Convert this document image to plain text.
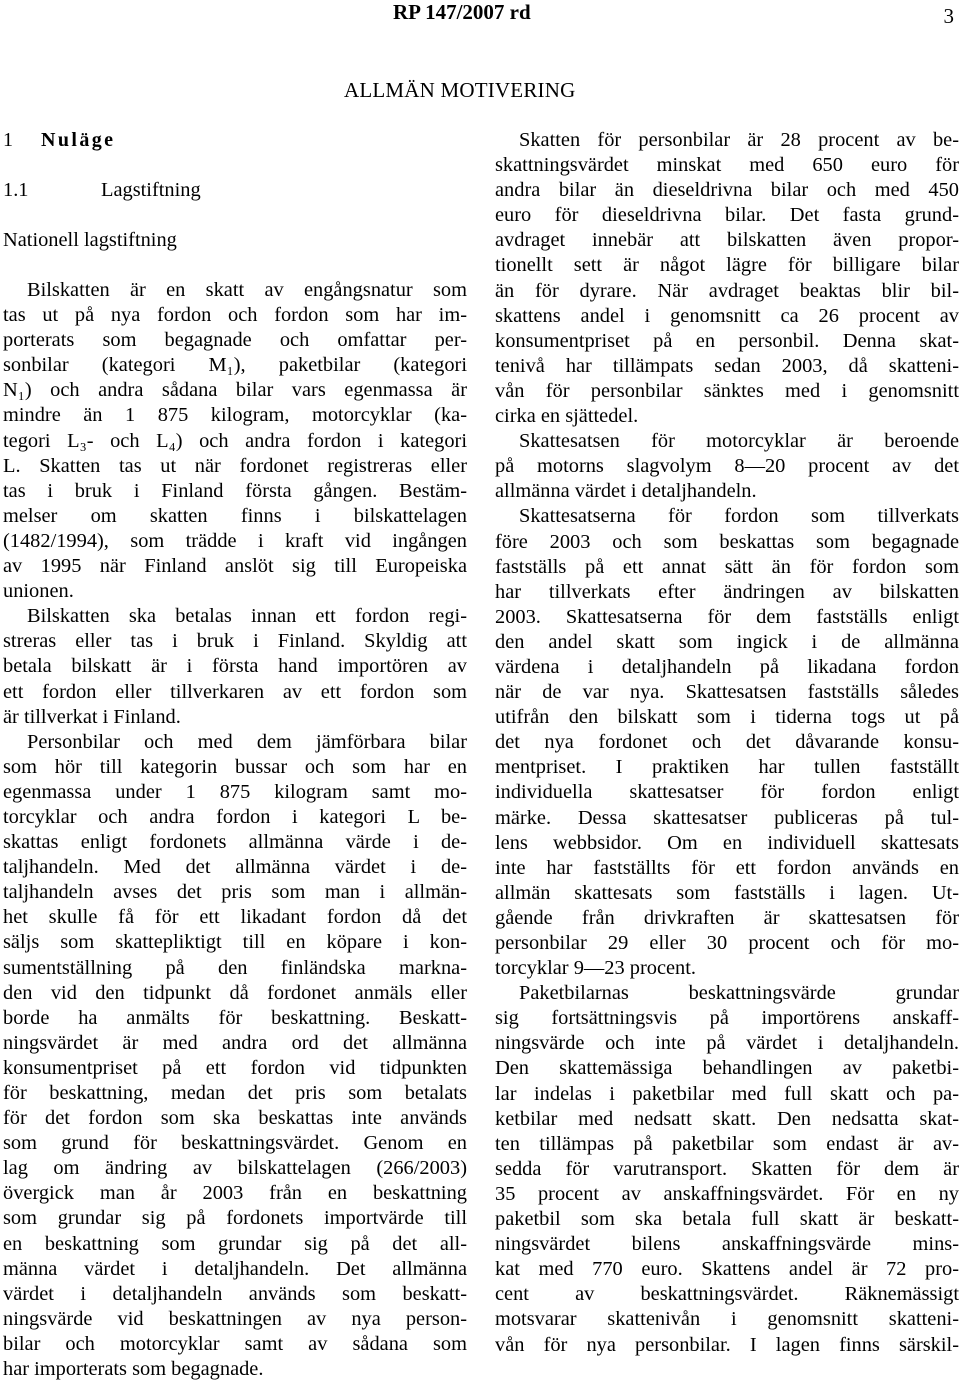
RP 147/2007 rd	3
ALLMÄN MOTIVERING
1 Nuläge
1.1	Lagstiftning
Nationell lagstiftning
Bilskatten är en skatt av engångsnatur som
tas ut på nya fordon och fordon som har im-
porterats som begagnade och omfattar per-
sonbilar (kategori M₁), paketbilar (kategori
N₁) och andra sådana bilar vars egenmassa är
mindre än 1 875 kilogram, motorcyklar (ka-
tegori L₃- och L₄) och andra fordon i kategori
L. Skatten tas ut när fordonet registreras eller
tas i bruk i Finland första gången. Bestäm-
melser om skatten finns i bilskattelagen
(1482/1994), som trädde i kraft vid ingången
av 1995 när Finland anslöt sig till Europeiska
unionen.
Bilskatten ska betalas innan ett fordon regi-
streras eller tas i bruk i Finland. Skyldig att
betala bilskatt är i första hand importören av
ett fordon eller tillverkaren av ett fordon som
är tillverkat i Finland.
Personbilar och med dem jämförbara bilar
som hör till kategorin bussar och som har en
egenmassa under 1 875 kilogram samt mo-
torcyklar och andra fordon i kategori L be-
skattas enligt fordonets allmänna värde i de-
taljhandeln. Med det allmänna värdet i de-
taljhandeln avses det pris som man i allmän-
het skulle få för ett likadant fordon då det
säljs som skattepliktigt till en köpare i kon-
sumentställning på den finländska markna-
den vid den tidpunkt då fordonet anmäls eller
borde ha anmälts för beskattning. Beskatt-
ningsvärdet är med andra ord det allmänna
konsumentpriset på ett fordon vid tidpunkten
för beskattning, medan det pris som betalats
för det fordon som ska beskattas inte används
som grund för beskattningsvärdet. Genom en
lag om ändring av bilskattelagen (266/2003)
övergick man år 2003 från en beskattning
som grundar sig på fordonets importvärde till
en beskattning som grundar sig på det all-
männa värdet i detaljhandeln. Det allmänna
värdet i detaljhandeln används som beskatt-
ningsvärde vid beskattningen av nya person-
bilar och motorcyklar samt av sådana som
har importerats som begagnade.
Skatten för personbilar är 28 procent av be-
skattningsvärdet minskat med 650 euro för
andra bilar än dieseldrivna bilar och med 450
euro för dieseldrivna bilar. Det fasta grund-
avdraget innebär att bilskatten även propor-
tionellt sett är något lägre för billigare bilar
än för dyrare. När avdraget beaktas blir bil-
skattens andel i genomsnitt ca 26 procent av
konsumentpriset på en personbil. Denna skat-
tenivå har tillämpats sedan 2003, då skatteni-
vån för personbilar sänktes med i genomsnitt
cirka en sjättedel.
Skattesatsen för motorcyklar är beroende
på motorns slagvolym 8—20 procent av det
allmänna värdet i detaljhandeln.
Skattesatserna för fordon som tillverkats
före 2003 och som beskattas som begagnade
fastställs på ett annat sätt än för fordon som
har tillverkats efter ändringen av bilskatten
2003. Skattesatserna för dem fastställs enligt
den andel skatt som ingick i de allmänna
värdena i detaljhandeln på likadana fordon
när de var nya. Skattesatsen fastställs således
utifrån den bilskatt som i tiderna togs ut på
det nya fordonet och det dåvarande konsu-
mentpriset. I praktiken har tullen fastställt
individuella skattesatser för fordon enligt
märke. Dessa skattesatser publiceras på tul-
lens webbsidor. Om en individuell skattesats
inte har fastställts för ett fordon används en
allmän skattesats som fastställs i lagen. Ut-
gående från drivkraften är skattesatsen för
personbilar 29 eller 30 procent och för mo-
torcyklar 9—23 procent.
Paketbilarnas beskattningsvärde grundar
sig fortsättningsvis på importörens anskaff-
ningsvärde och inte på värdet i detaljhandeln.
Den skattemässiga behandlingen av paketbi-
lar indelas i paketbilar med full skatt och pa-
ketbilar med nedsatt skatt. Den nedsatta skat-
ten tillämpas på paketbilar som endast är av-
sedda för varutransport. Skatten för dem är
35 procent av anskaffningsvärdet. För en ny
paketbil som ska betala full skatt är beskatt-
ningsvärdet bilens anskaffningsvärde mins-
kat med 770 euro. Skattens andel är 72 pro-
cent av beskattningsvärdet. Räknemässigt
motsvarar skattenivån i genomsnitt skatteni-
vån för nya personbilar. I lagen finns särskil-
